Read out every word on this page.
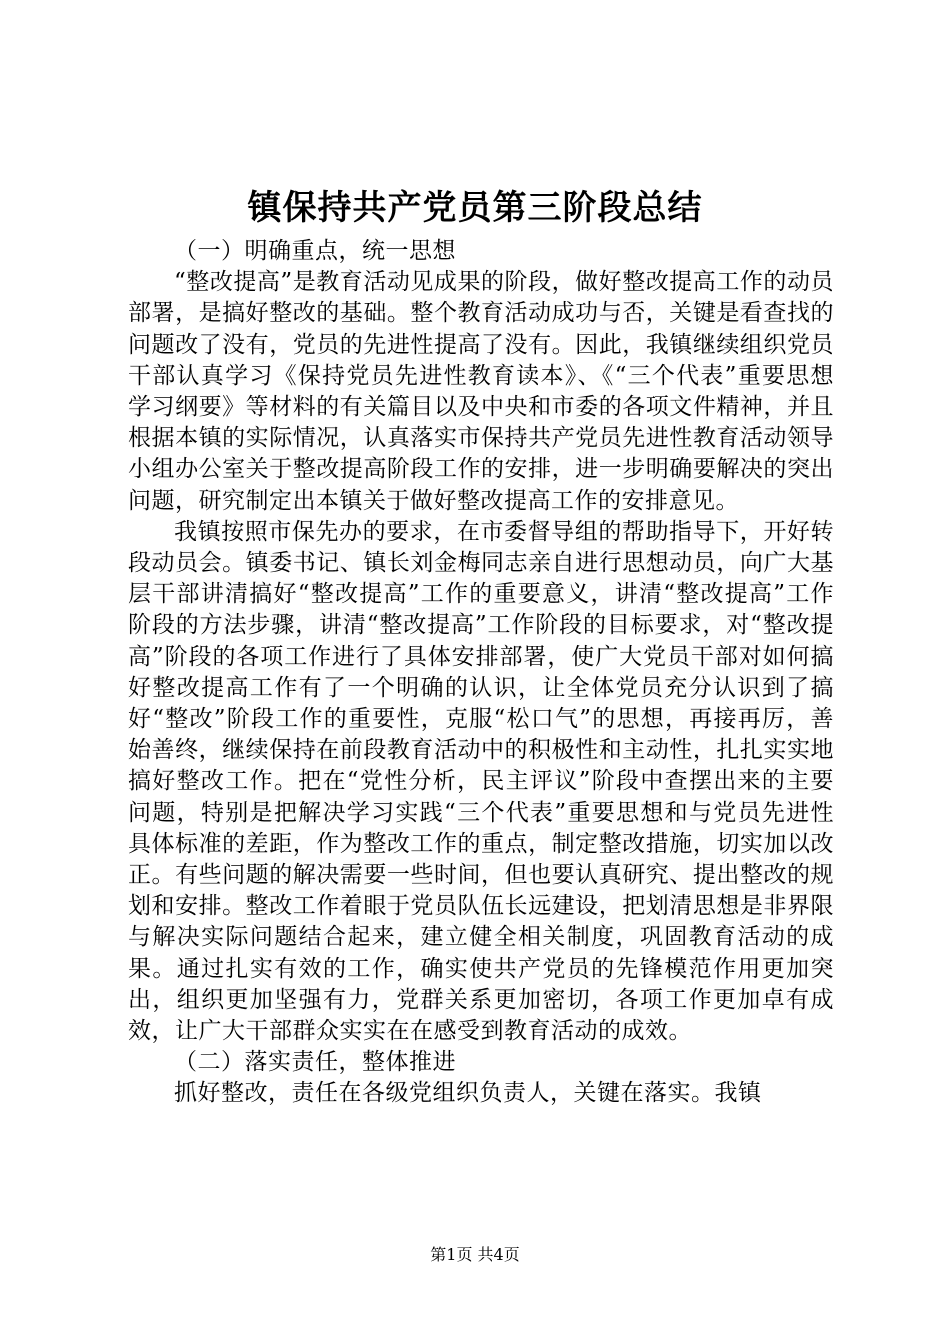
镇保持共产党员第三阶段总结

（一）明确重点，统一思想

“整改提高”是教育活动见成果的阶段，做好整改提高工作的动员部署，是搞好整改的基础。整个教育活动成功与否，关键是看查找的问题改了没有，党员的先进性提高了没有。因此，我镇继续组织党员干部认真学习《保持党员先进性教育读本》、《“三个代表”重要思想学习纲要》等材料的有关篇目以及中央和市委的各项文件精神，并且根据本镇的实际情况，认真落实市保持共产党员先进性教育活动领导小组办公室关于整改提高阶段工作的安排，进一步明确要解决的突出问题，研究制定出本镇关于做好整改提高工作的安排意见。

我镇按照市保先办的要求，在市委督导组的帮助指导下，开好转段动员会。镇委书记、镇长刘金梅同志亲自进行思想动员，向广大基层干部讲清搞好“整改提高”工作的重要意义，讲清“整改提高”工作阶段的方法步骤，讲清“整改提高”工作阶段的目标要求，对“整改提高”阶段的各项工作进行了具体安排部署，使广大党员干部对如何搞好整改提高工作有了一个明确的认识，让全体党员充分认识到了搞好“整改”阶段工作的重要性，克服“松口气”的思想，再接再厉，善始善终，继续保持在前段教育活动中的积极性和主动性，扎扎实实地搞好整改工作。把在“党性分析，民主评议”阶段中查摆出来的主要问题，特别是把解决学习实践“三个代表”重要思想和与党员先进性具体标准的差距，作为整改工作的重点，制定整改措施，切实加以改正。有些问题的解决需要一些时间，但也要认真研究、提出整改的规划和安排。整改工作着眼于党员队伍长远建设，把划清思想是非界限与解决实际问题结合起来，建立健全相关制度，巩固教育活动的成果。通过扎实有效的工作，确实使共产党员的先锋模范作用更加突出，组织更加坚强有力，党群关系更加密切，各项工作更加卓有成效，让广大干部群众实实在在感受到教育活动的成效。

（二）落实责任，整体推进

抓好整改，责任在各级党组织负责人，关键在落实。我镇

第1页 共4页
